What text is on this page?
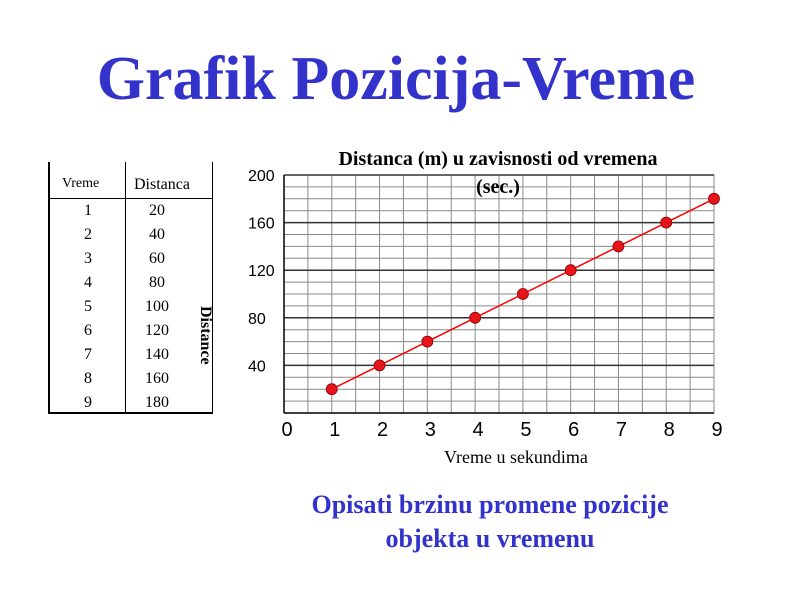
Grafik Pozicija-Vreme
Vreme Distanca
1	20
2	40
3	60
4	80
5	100
6	120
7	140
8	160
9	180
Distance
Distanca (m) u zavisnosti od vremena
(sec.)
40
80
120
160
200
0 1 2 3 4 5 6 7 8 9
Vreme u sekundima
Opisati brzinu promene pozicije
objekta u vremenu
